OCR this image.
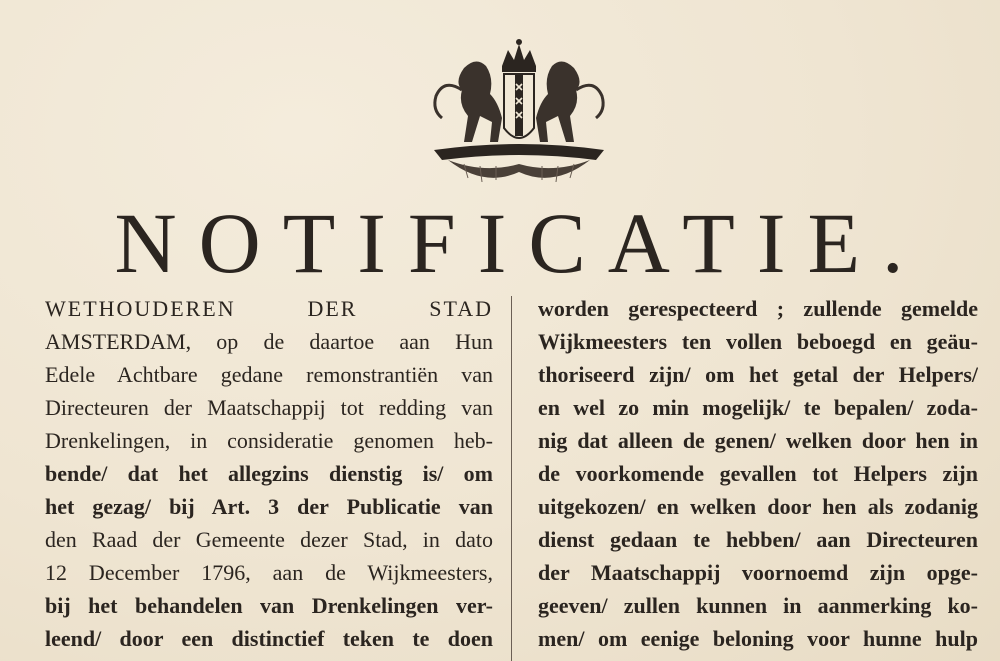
NOTIFICATIE.
WETHOUDEREN DER STAD
AMSTERDAM, op de daartoe aan Hun
Edele Achtbare gedane remonstrantiën van
Directeuren der Maatschappij tot redding van
Drenkelingen, in consideratie genomen heb-
bende/ dat het allegzins dienstig is/ om
het gezag/ bij Art. 3 der Publicatie van
den Raad der Gemeente dezer Stad, in dato
12 December 1796, aan de Wijkmeesters,
bij het behandelen van Drenkelingen ver-
leend/ door een distinctief teken te doen
worden gerespecteerd ; zullende gemelde
Wijkmeesters ten vollen beboegd en geäu-
thoriseerd zijn/ om het getal der Helpers/
en wel zo min mogelijk/ te bepalen/ zoda-
nig dat alleen de genen/ welken door hen in
de voorkomende gevallen tot Helpers zijn
uitgekozen/ en welken door hen als zodanig
dienst gedaan te hebben/ aan Directeuren
der Maatschappij voornoemd zijn opge-
geeven/ zullen kunnen in aanmerking ko-
men/ om eenige beloning voor hunne hulp
